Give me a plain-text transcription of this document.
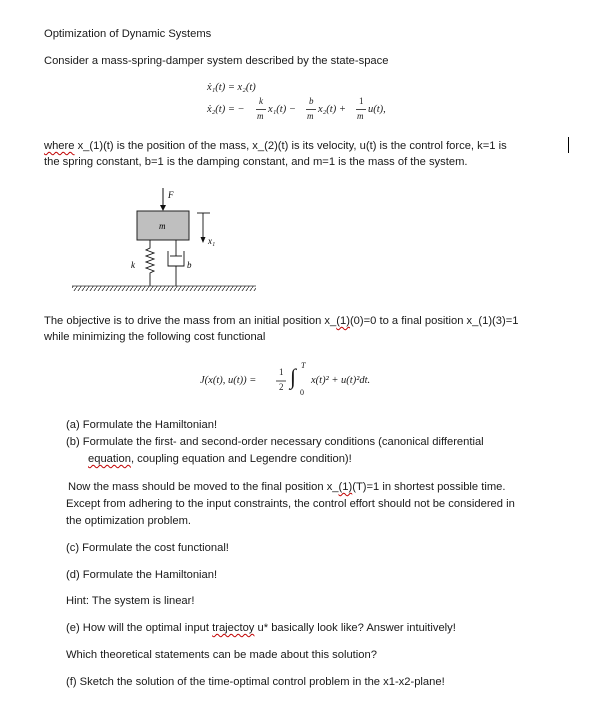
Optimization of Dynamic Systems
Consider a mass-spring-damper system described by the state-space
ẋ₁(t) = x₂(t)
ẋ₂(t) = −
k
m
x₁(t) −
b
m
x₂(t) +
1
m
u(t),
where x_(1)(t) is the position of the mass, x_(2)(t) is its velocity, u(t) is the control force, k=1 is
the spring constant, b=1 is the damping constant, and m=1 is the mass of the system.
F
m
x₁
k	b
The objective is to drive the mass from an initial position x_(1)(0)=0 to a final position x_(1)(3)=1
while minimizing the following cost functional
J(x(t), u(t)) =
1
2 ∫ T
0
x(t)² + u(t)²dt.
(a) Formulate the Hamiltonian!
(b) Formulate the first- and second-order necessary conditions (canonical differential
equation, coupling equation and Legendre condition)!
Now the mass should be moved to the final position x_(1)(T)=1 in shortest possible time.
Except from adhering to the input constraints, the control effort should not be considered in
the optimization problem.
(c) Formulate the cost functional!
(d) Formulate the Hamiltonian!
Hint: The system is linear!
(e) How will the optimal input trajectoy u* basically look like? Answer intuitively!
Which theoretical statements can be made about this solution?
(f) Sketch the solution of the time-optimal control problem in the x1-x2-plane!
